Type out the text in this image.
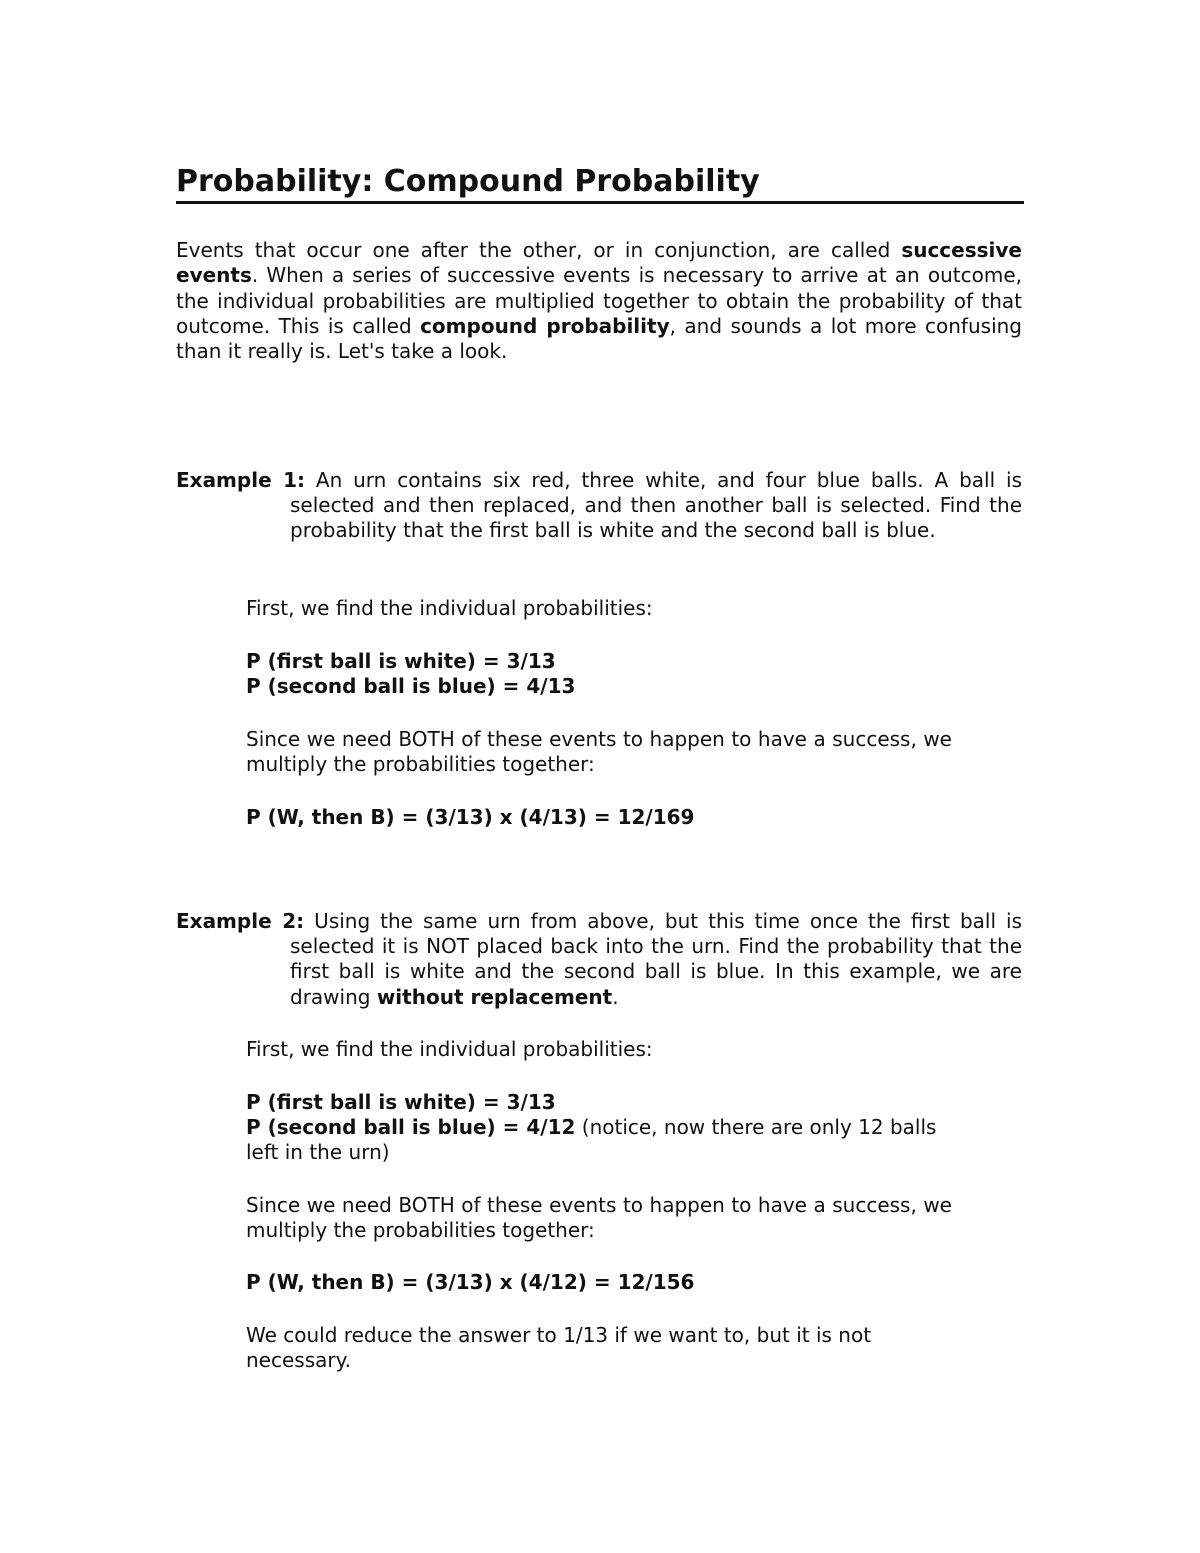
Probability: Compound Probability
Events that occur one after the other, or in conjunction, are called successive events. When a series of successive events is necessary to arrive at an outcome, the individual probabilities are multiplied together to obtain the probability of that outcome. This is called compound probability, and sounds a lot more confusing than it really is. Let's take a look.
Example 1: An urn contains six red, three white, and four blue balls. A ball is selected and then replaced, and then another ball is selected. Find the probability that the first ball is white and the second ball is blue.
First, we find the individual probabilities:
P (first ball is white) = 3/13
P (second ball is blue) = 4/13
Since we need BOTH of these events to happen to have a success, we multiply the probabilities together:
P (W, then B) = (3/13) x (4/13) = 12/169
Example 2: Using the same urn from above, but this time once the first ball is selected it is NOT placed back into the urn. Find the probability that the first ball is white and the second ball is blue. In this example, we are drawing without replacement.
First, we find the individual probabilities:
P (first ball is white) = 3/13
P (second ball is blue) = 4/12 (notice, now there are only 12 balls left in the urn)
Since we need BOTH of these events to happen to have a success, we multiply the probabilities together:
P (W, then B) = (3/13) x (4/12) = 12/156
We could reduce the answer to 1/13 if we want to, but it is not necessary.
